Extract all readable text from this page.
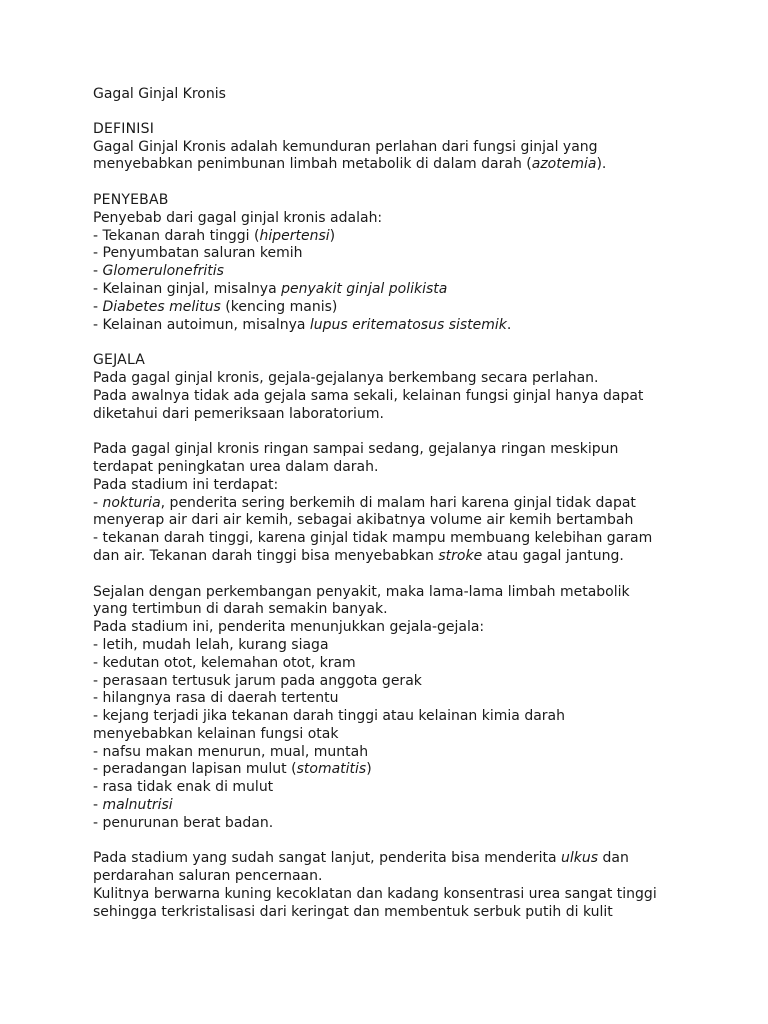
Gagal Ginjal Kronis
DEFINISI
Gagal Ginjal Kronis adalah kemunduran perlahan dari fungsi ginjal yang
menyebabkan penimbunan limbah metabolik di dalam darah (azotemia).
PENYEBAB
Penyebab dari gagal ginjal kronis adalah:
- Tekanan darah tinggi (hipertensi)
- Penyumbatan saluran kemih
- Glomerulonefritis
- Kelainan ginjal, misalnya penyakit ginjal polikista
- Diabetes melitus (kencing manis)
- Kelainan autoimun, misalnya lupus eritematosus sistemik.
GEJALA
Pada gagal ginjal kronis, gejala-gejalanya berkembang secara perlahan.
Pada awalnya tidak ada gejala sama sekali, kelainan fungsi ginjal hanya dapat
diketahui dari pemeriksaan laboratorium.
Pada gagal ginjal kronis ringan sampai sedang, gejalanya ringan meskipun
terdapat peningkatan urea dalam darah.
Pada stadium ini terdapat:
- nokturia, penderita sering berkemih di malam hari karena ginjal tidak dapat
menyerap air dari air kemih, sebagai akibatnya volume air kemih bertambah
- tekanan darah tinggi, karena ginjal tidak mampu membuang kelebihan garam
dan air. Tekanan darah tinggi bisa menyebabkan stroke atau gagal jantung.
Sejalan dengan perkembangan penyakit, maka lama-lama limbah metabolik
yang tertimbun di darah semakin banyak.
Pada stadium ini, penderita menunjukkan gejala-gejala:
- letih, mudah lelah, kurang siaga
- kedutan otot, kelemahan otot, kram
- perasaan tertusuk jarum pada anggota gerak
- hilangnya rasa di daerah tertentu
- kejang terjadi jika tekanan darah tinggi atau kelainan kimia darah
menyebabkan kelainan fungsi otak
- nafsu makan menurun, mual, muntah
- peradangan lapisan mulut (stomatitis)
- rasa tidak enak di mulut
- malnutrisi
- penurunan berat badan.
Pada stadium yang sudah sangat lanjut, penderita bisa menderita ulkus dan
perdarahan saluran pencernaan.
Kulitnya berwarna kuning kecoklatan dan kadang konsentrasi urea sangat tinggi
sehingga terkristalisasi dari keringat dan membentuk serbuk putih di kulit
